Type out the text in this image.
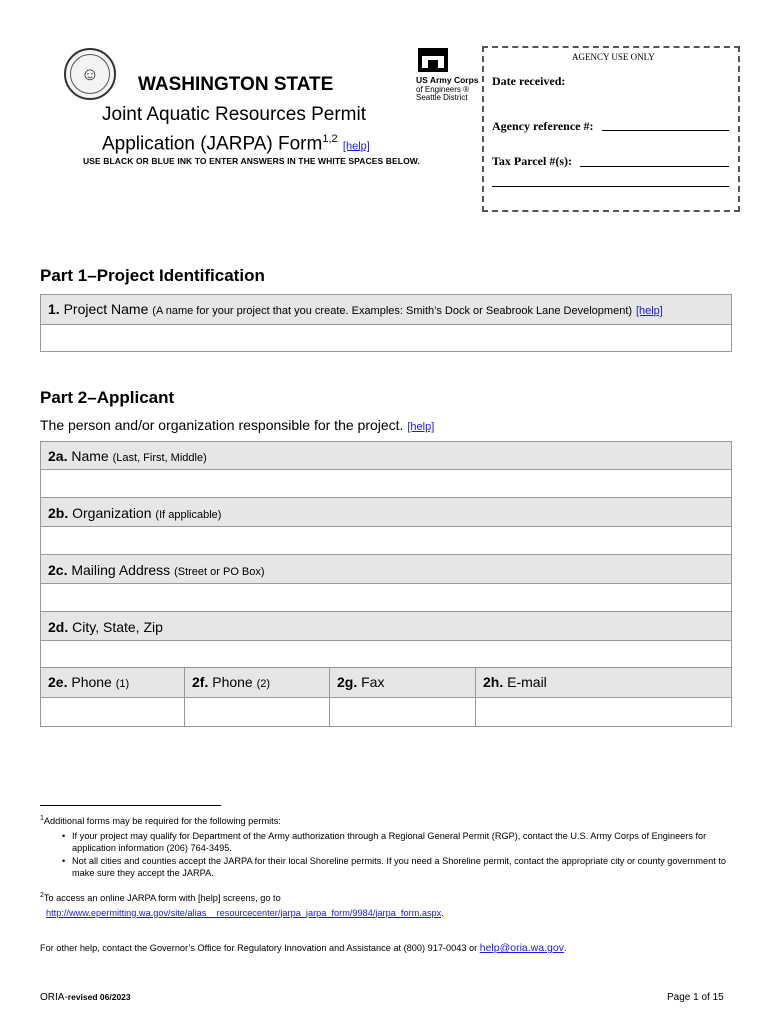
☺
WASHINGTON STATE
Joint Aquatic Resources Permit
Application (JARPA) Form$^{1,2}$ [help]
USE BLACK OR BLUE INK TO ENTER ANSWERS IN THE WHITE SPACES BELOW.
US Army Corps
of Engineers ®
Seattle District
AGENCY USE ONLY
Date received:
Agency reference #:
Tax Parcel #(s):
Part 1–Project Identification
1. Project Name (A name for your project that you create. Examples: Smith’s Dock or Seabrook Lane Development) [help]
Part 2–Applicant
The person and/or organization responsible for the project. [help]
2a. Name (Last, First, Middle)
2b. Organization (If applicable)
2c. Mailing Address (Street or PO Box)
2d. City, State, Zip
2e. Phone (1)	2f. Phone (2)	2g. Fax	2h. E-mail
$^1$Additional forms may be required for the following permits:
• If your project may qualify for Department of the Army authorization through a Regional General Permit (RGP), contact the U.S. Army Corps of Engineers for application information (206) 764-3495.
• Not all cities and counties accept the JARPA for their local Shoreline permits. If you need a Shoreline permit, contact the appropriate city or county government to make sure they accept the JARPA.
$^2$To access an online JARPA form with [help] screens, go to
http://www.epermitting.wa.gov/site/alias__resourcecenter/jarpa_jarpa_form/9984/jarpa_form.aspx.
For other help, contact the Governor’s Office for Regulatory Innovation and Assistance at (800) 917-0043 or help@oria.wa.gov.
ORIA-revised 06/2023	Page 1 of 15
